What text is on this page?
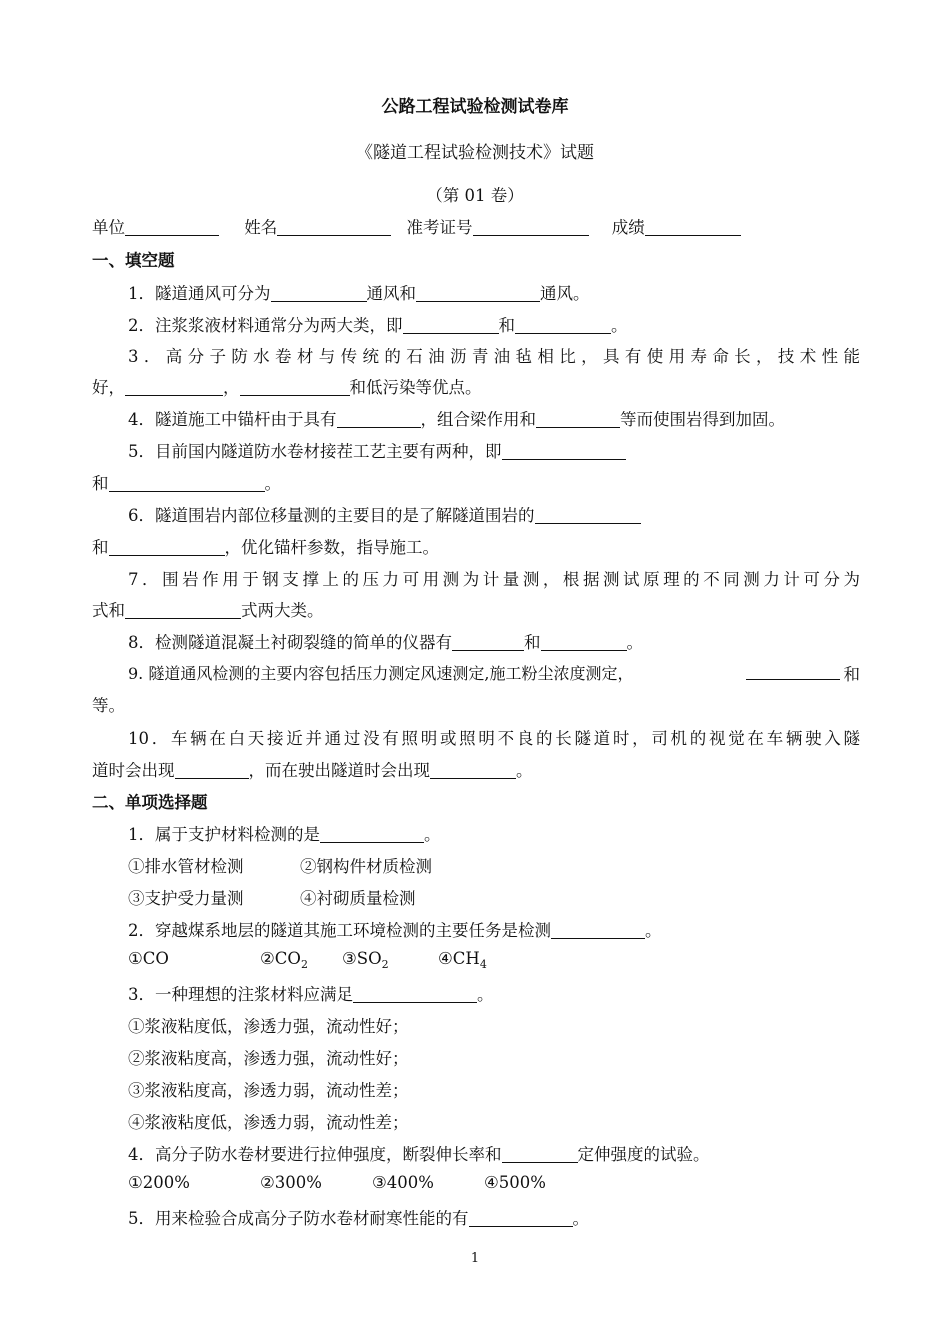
公路工程试验检测试卷库
《隧道工程试验检测技术》试题
（第 01 卷）
单位	姓名	准考证号	成绩
一、填空题
1．隧道通风可分为	通风和	通风。
2．注浆浆液材料通常分为两大类，即	和	。
3．高分子防水卷材与传统的石油沥青油毡相比，具有使用寿命长，技术性能
好，	，	和低污染等优点。
4．隧道施工中锚杆由于具有	，组合梁作用和	等而使围岩得到加固。
5．目前国内隧道防水卷材接茬工艺主要有两种，即
和	。
6．隧道围岩内部位移量测的主要目的是了解隧道围岩的
和	，优化锚杆参数，指导施工。
7．围岩作用于钢支撑上的压力可用测为计量测，根据测试原理的不同测力计可分为
式和	式两大类。
8．检测隧道混凝土衬砌裂缝的简单的仪器有	和	。
9. 隧道通风检测的主要内容包括压力测定风速测定,施工粉尘浓度测定，	和
等。
10．车辆在白天接近并通过没有照明或照明不良的长隧道时，司机的视觉在车辆驶入隧
道时会出现	，而在驶出隧道时会出现	。
二、单项选择题
1．属于支护材料检测的是	。
①排水管材检测	②钢构件材质检测
③支护受力量测	④衬砌质量检测
2．穿越煤系地层的隧道其施工环境检测的主要任务是检测	。
①CO	$②CO_2$ $③SO_2$	$④CH_4$
3．一种理想的注浆材料应满足	。
①浆液粘度低，渗透力强，流动性好；
②浆液粘度高，渗透力强，流动性好；
③浆液粘度高，渗透力弱，流动性差；
④浆液粘度低，渗透力弱，流动性差；
4．高分子防水卷材要进行拉伸强度，断裂伸长率和	定伸强度的试验。
①200%	②300%	③400%	④500%
5．用来检验合成高分子防水卷材耐寒性能的有	。
1
